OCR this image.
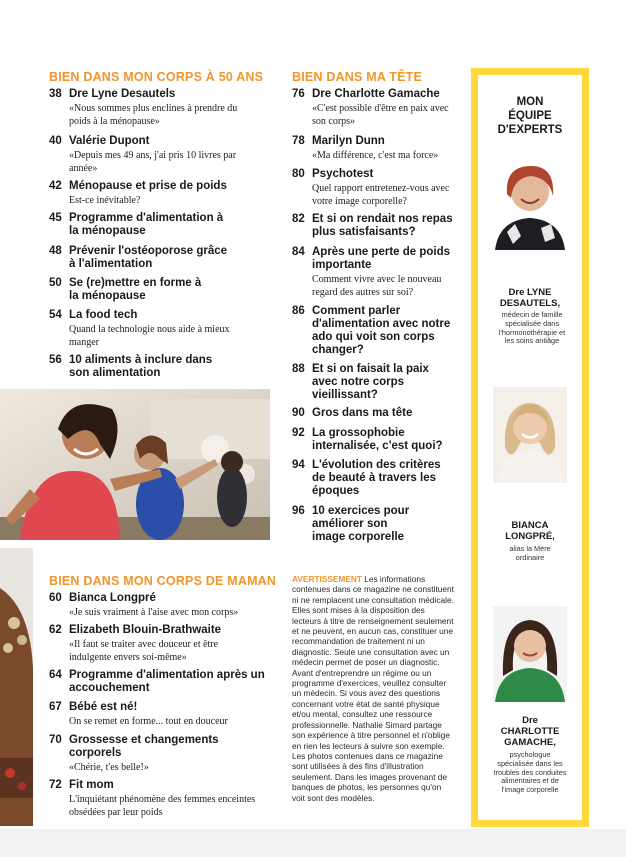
BIEN DANS MON CORPS À 50 ANS
38 Dre Lyne Desautels
«Nous sommes plus enclines à prendre du poids à la ménopause»
40 Valérie Dupont
«Depuis mes 49 ans, j'ai pris 10 livres par année»
42 Ménopause et prise de poids
Est-ce inévitable?
45 Programme d'alimentation à la ménopause
48 Prévenir l'ostéoporose grâce à l'alimentation
50 Se (re)mettre en forme à la ménopause
54 La food tech
Quand la technologie nous aide à mieux manger
56 10 aliments à inclure dans son alimentation
BIEN DANS MON CORPS DE MAMAN
60 Bianca Longpré
«Je suis vraiment à l'aise avec mon corps»
62 Elizabeth Blouin-Brathwaite
«Il faut se traiter avec douceur et être indulgente envers soi-même»
64 Programme d'alimentation après un accouchement
67 Bébé est né!
On se remet en forme... tout en douceur
70 Grossesse et changements corporels
«Chérie, t'es belle!»
72 Fit mom
L'inquiétant phénomène des femmes enceintes obsédées par leur poids
BIEN DANS MA TÊTE
76 Dre Charlotte Gamache
«C'est possible d'être en paix avec son corps»
78 Marilyn Dunn
«Ma différence, c'est ma force»
80 Psychotest
Quel rapport entretenez-vous avec votre image corporelle?
82 Et si on rendait nos repas plus satisfaisants?
84 Après une perte de poids importante
Comment vivre avec le nouveau regard des autres sur soi?
86 Comment parler d'alimentation avec notre ado qui voit son corps changer?
88 Et si on faisait la paix avec notre corps vieillissant?
90 Gros dans ma tête
92 La grossophobie internalisée, c'est quoi?
94 L'évolution des critères de beauté à travers les époques
96 10 exercices pour améliorer son image corporelle
AVERTISSEMENT Les informations contenues dans ce magazine ne constituent ni ne remplacent une consultation médicale. Elles sont mises à la disposition des lecteurs à titre de renseignement seulement et ne peuvent, en aucun cas, constituer une recommandation de traitement ni un diagnostic. Seule une consultation avec un médecin permet de poser un diagnostic. Avant d'entreprendre un régime ou un programme d'exercices, veuillez consulter un médecin. Si vous avez des questions concernant votre état de santé physique et/ou mental, consultez une ressource professionnelle. Nathalie Simard partage son expérience à titre personnel et n'oblige en rien les lecteurs à suivre son exemple. Les photos contenues dans ce magazine sont utilisées à des fins d'illustration seulement. Dans les images provenant de banques de photos, les personnes qu'on voit sont des modèles.
MON
ÉQUIPE
D'EXPERTS
Dre LYNE DESAUTELS,
médecin de famille spécialisée dans l'hormonothérapie et les soins antiâge
BIANCA LONGPRÉ,
alias la Mère ordinaire
Dre CHARLOTTE GAMACHE,
psychologue spécialisée dans les troubles des conduites alimentaires et de l'image corporelle
